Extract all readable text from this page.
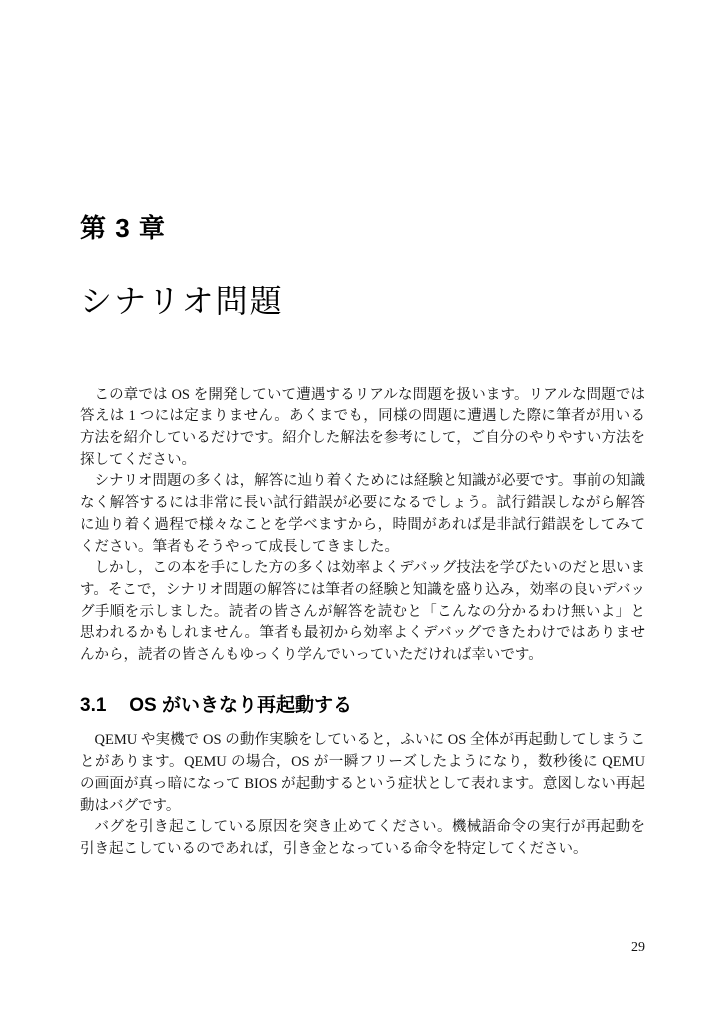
第 3 章
シナリオ問題

この章では OS を開発していて遭遇するリアルな問題を扱います。リアルな問題では答えは 1 つには定まりません。あくまでも，同様の問題に遭遇した際に筆者が用いる方法を紹介しているだけです。紹介した解法を参考にして，ご自分のやりやすい方法を探してください。

シナリオ問題の多くは，解答に辿り着くためには経験と知識が必要です。事前の知識なく解答するには非常に長い試行錯誤が必要になるでしょう。試行錯誤しながら解答に辿り着く過程で様々なことを学べますから，時間があれば是非試行錯誤をしてみてください。筆者もそうやって成長してきました。

しかし，この本を手にした方の多くは効率よくデバッグ技法を学びたいのだと思います。そこで，シナリオ問題の解答には筆者の経験と知識を盛り込み，効率の良いデバッグ手順を示しました。読者の皆さんが解答を読むと「こんなの分かるわけ無いよ」と思われるかもしれません。筆者も最初から効率よくデバッグできたわけではありませんから，読者の皆さんもゆっくり学んでいっていただければ幸いです。

3.1 OS がいきなり再起動する

QEMU や実機で OS の動作実験をしていると，ふいに OS 全体が再起動してしまうことがあります。QEMU の場合，OS が一瞬フリーズしたようになり，数秒後に QEMU の画面が真っ暗になって BIOS が起動するという症状として表れます。意図しない再起動はバグです。

バグを引き起こしている原因を突き止めてください。機械語命令の実行が再起動を引き起こしているのであれば，引き金となっている命令を特定してください。

29
